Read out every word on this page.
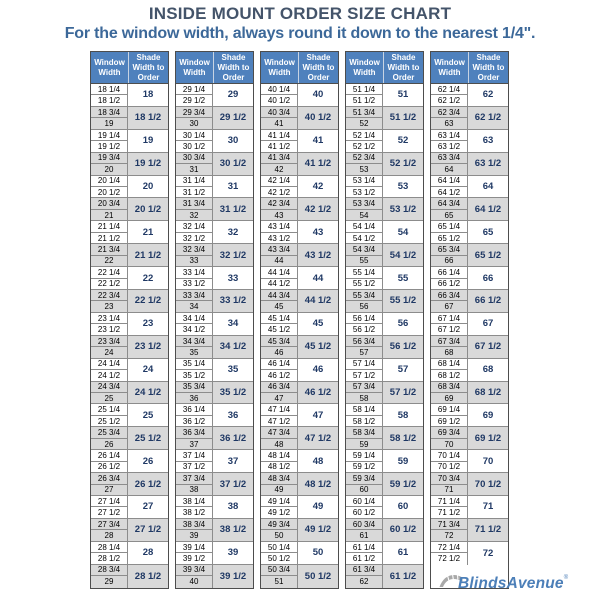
INSIDE MOUNT ORDER SIZE CHART
For the window width, always round it down to the nearest 1/4".
Window Width
Shade Width to Order
18 1/4
18 1/2
18
18 3/4
19
18 1/2
19 1/4
19 1/2
19
19 3/4
20
19 1/2
20 1/4
20 1/2
20
20 3/4
21
20 1/2
21 1/4
21 1/2
21
21 3/4
22
21 1/2
22 1/4
22 1/2
22
22 3/4
23
22 1/2
23 1/4
23 1/2
23
23 3/4
24
23 1/2
24 1/4
24 1/2
24
24 3/4
25
24 1/2
25 1/4
25 1/2
25
25 3/4
26
25 1/2
26 1/4
26 1/2
26
26 3/4
27
26 1/2
27 1/4
27 1/2
27
27 3/4
28
27 1/2
28 1/4
28 1/2
28
28 3/4
29
28 1/2
Window Width
Shade Width to Order
29 1/4
29 1/2
29
29 3/4
30
29 1/2
30 1/4
30 1/2
30
30 3/4
31
30 1/2
31 1/4
31 1/2
31
31 3/4
32
31 1/2
32 1/4
32 1/2
32
32 3/4
33
32 1/2
33 1/4
33 1/2
33
33 3/4
34
33 1/2
34 1/4
34 1/2
34
34 3/4
35
34 1/2
35 1/4
35 1/2
35
35 3/4
36
35 1/2
36 1/4
36 1/2
36
36 3/4
37
36 1/2
37 1/4
37 1/2
37
37 3/4
38
37 1/2
38 1/4
38 1/2
38
38 3/4
39
38 1/2
39 1/4
39 1/2
39
39 3/4
40
39 1/2
Window Width
Shade Width to Order
40 1/4
40 1/2
40
40 3/4
41
40 1/2
41 1/4
41 1/2
41
41 3/4
42
41 1/2
42 1/4
42 1/2
42
42 3/4
43
42 1/2
43 1/4
43 1/2
43
43 3/4
44
43 1/2
44 1/4
44 1/2
44
44 3/4
45
44 1/2
45 1/4
45 1/2
45
45 3/4
46
45 1/2
46 1/4
46 1/2
46
46 3/4
47
46 1/2
47 1/4
47 1/2
47
47 3/4
48
47 1/2
48 1/4
48 1/2
48
48 3/4
49
48 1/2
49 1/4
49 1/2
49
49 3/4
50
49 1/2
50 1/4
50 1/2
50
50 3/4
51
50 1/2
Window Width
Shade Width to Order
51 1/4
51 1/2
51
51 3/4
52
51 1/2
52 1/4
52 1/2
52
52 3/4
53
52 1/2
53 1/4
53 1/2
53
53 3/4
54
53 1/2
54 1/4
54 1/2
54
54 3/4
55
54 1/2
55 1/4
55 1/2
55
55 3/4
56
55 1/2
56 1/4
56 1/2
56
56 3/4
57
56 1/2
57 1/4
57 1/2
57
57 3/4
58
57 1/2
58 1/4
58 1/2
58
58 3/4
59
58 1/2
59 1/4
59 1/2
59
59 3/4
60
59 1/2
60 1/4
60 1/2
60
60 3/4
61
60 1/2
61 1/4
61 1/2
61
61 3/4
62
61 1/2
Window Width
Shade Width to Order
62 1/4
62 1/2
62
62 3/4
63
62 1/2
63 1/4
63 1/2
63
63 3/4
64
63 1/2
64 1/4
64 1/2
64
64 3/4
65
64 1/2
65 1/4
65 1/2
65
65 3/4
66
65 1/2
66 1/4
66 1/2
66
66 3/4
67
66 1/2
67 1/4
67 1/2
67
67 3/4
68
67 1/2
68 1/4
68 1/2
68
68 3/4
69
68 1/2
69 1/4
69 1/2
69
69 3/4
70
69 1/2
70 1/4
70 1/2
70
70 3/4
71
70 1/2
71 1/4
71 1/2
71
71 3/4
72
71 1/2
72 1/4
72 1/2
72
BlindsAvenue ®
